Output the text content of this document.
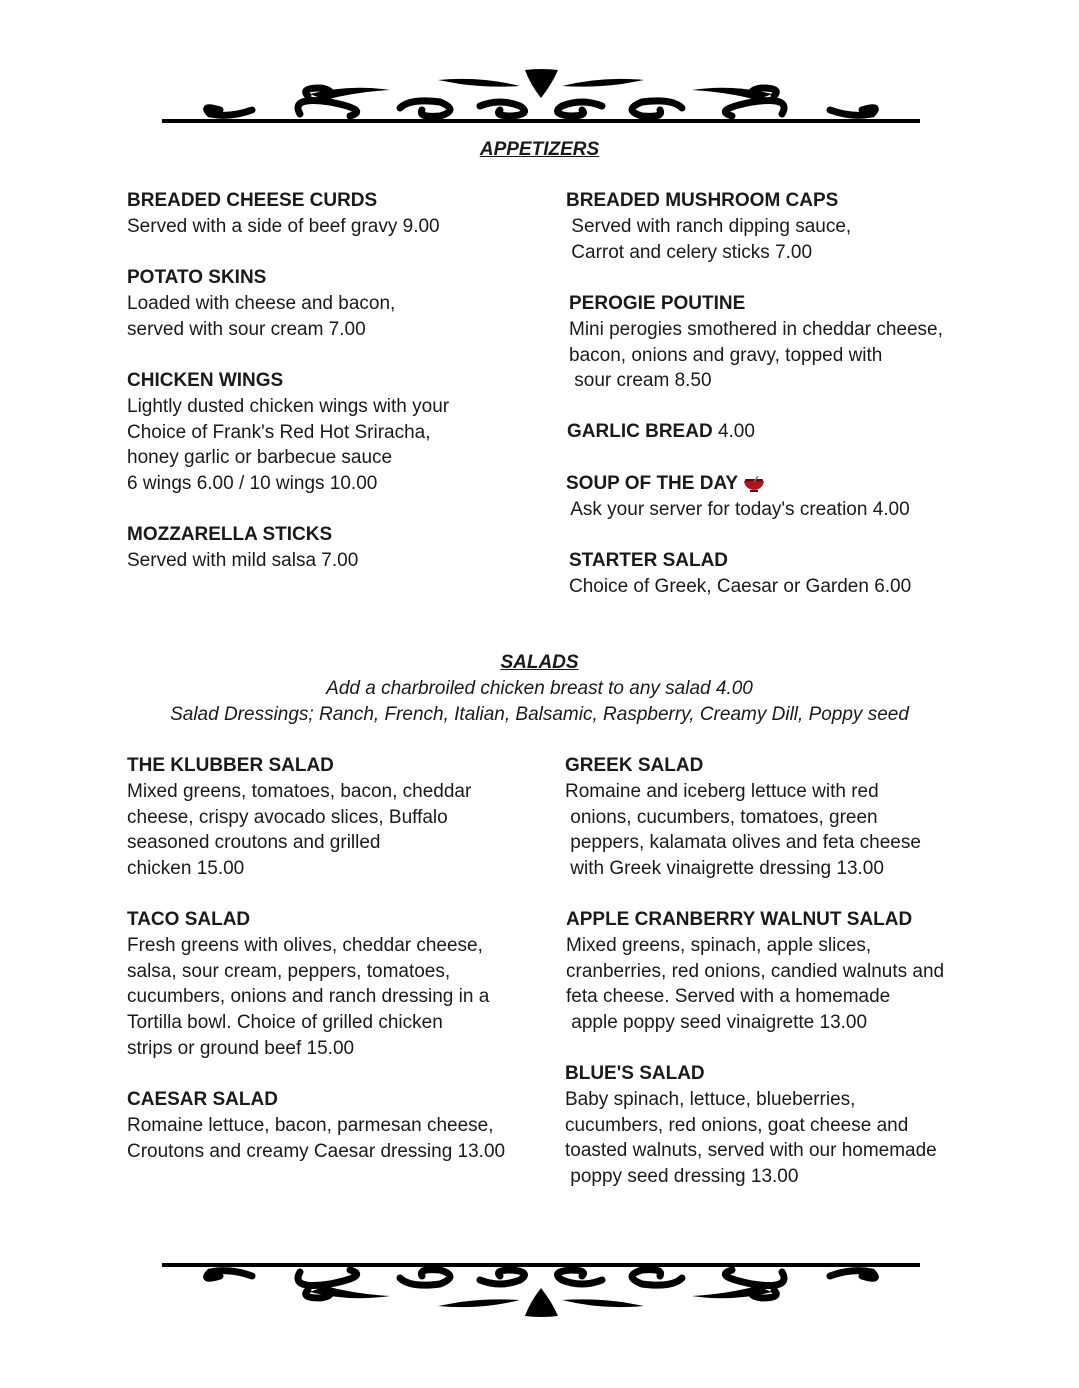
APPETIZERS
BREADED CHEESE CURDS
Served with a side of beef gravy 9.00
POTATO SKINS
Loaded with cheese and bacon,
served with sour cream 7.00
CHICKEN WINGS
Lightly dusted chicken wings with your
Choice of Frank's Red Hot Sriracha,
honey garlic or barbecue sauce
6 wings 6.00 / 10 wings 10.00
MOZZARELLA STICKS
Served with mild salsa 7.00
BREADED MUSHROOM CAPS
Served with ranch dipping sauce,
Carrot and celery sticks 7.00
PEROGIE POUTINE
Mini perogies smothered in cheddar cheese,
bacon, onions and gravy, topped with
sour cream 8.50
GARLIC BREAD 4.00
SOUP OF THE DAY
Ask your server for today's creation 4.00
STARTER SALAD
Choice of Greek, Caesar or Garden 6.00
SALADS
Add a charbroiled chicken breast to any salad 4.00
Salad Dressings; Ranch, French, Italian, Balsamic, Raspberry, Creamy Dill, Poppy seed
THE KLUBBER SALAD
Mixed greens, tomatoes, bacon, cheddar
cheese, crispy avocado slices, Buffalo
seasoned croutons and grilled
chicken 15.00
TACO SALAD
Fresh greens with olives, cheddar cheese,
salsa, sour cream, peppers, tomatoes,
cucumbers, onions and ranch dressing in a
Tortilla bowl. Choice of grilled chicken
strips or ground beef 15.00
CAESAR SALAD
Romaine lettuce, bacon, parmesan cheese,
Croutons and creamy Caesar dressing 13.00
GREEK SALAD
Romaine and iceberg lettuce with red
onions, cucumbers, tomatoes, green
peppers, kalamata olives and feta cheese
with Greek vinaigrette dressing 13.00
APPLE CRANBERRY WALNUT SALAD
Mixed greens, spinach, apple slices,
cranberries, red onions, candied walnuts and
feta cheese. Served with a homemade
apple poppy seed vinaigrette 13.00
BLUE'S SALAD
Baby spinach, lettuce, blueberries,
cucumbers, red onions, goat cheese and
toasted walnuts, served with our homemade
poppy seed dressing 13.00
